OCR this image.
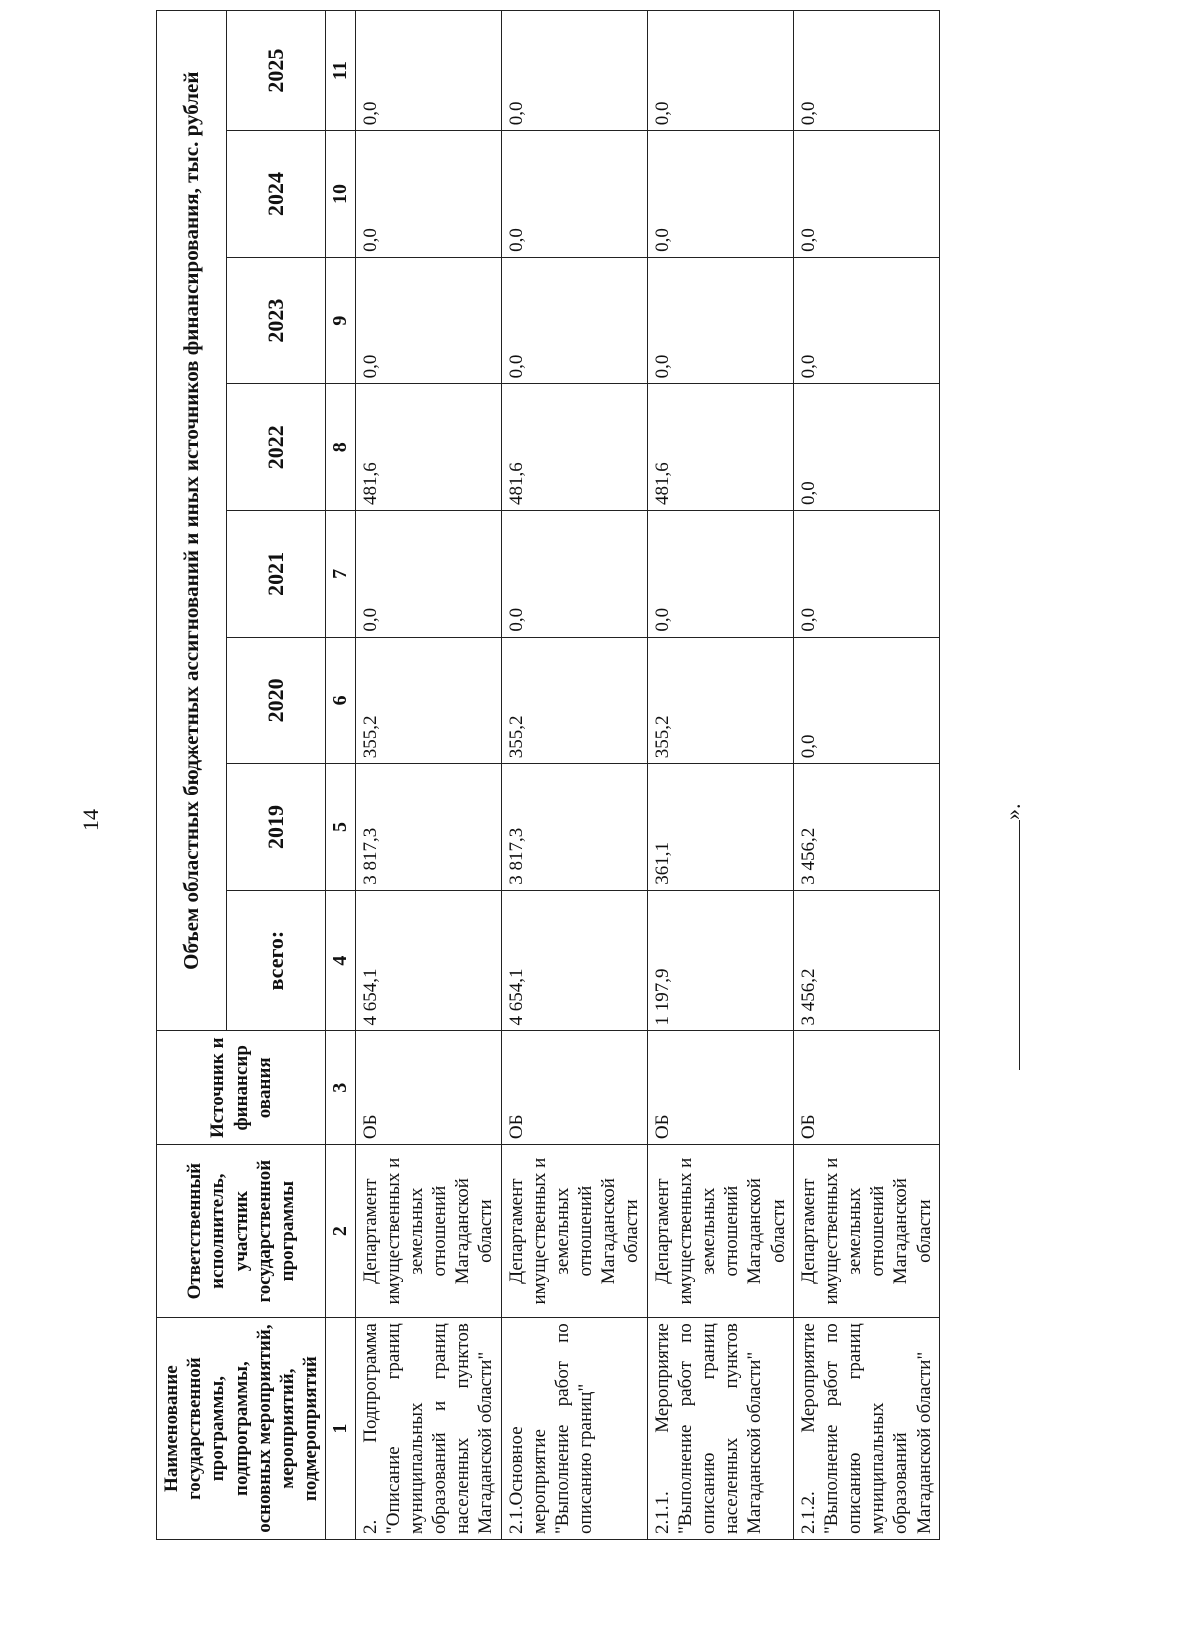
14
Наименование государственной программы, подпрограммы, основных мероприятий, мероприятий, подмероприятий	Ответственный исполнитель, участник государственной программы	Источник и финансир ования	Объем областных бюджетных ассигнований и иных источников финансирования, тыс. рублей							
			всего:	2019	2020	2021	2022	2023	2024	2025
1	2	3	4	5	6	7	8	9	10	11
2. Подпрограмма "Описание границ муниципальных образований и границ населенных пунктов Магаданской области"	Департамент имущественных и земельных отношений Магаданской области	ОБ	4 654,1	3 817,3	355,2	0,0	481,6	0,0	0,0	0,0
2.1.Основное мероприятие "Выполнение работ по описанию границ"	Департамент имущественных и земельных отношений Магаданской области	ОБ	4 654,1	3 817,3	355,2	0,0	481,6	0,0	0,0	0,0
2.1.1. Мероприятие "Выполнение работ по описанию границ населенных пунктов Магаданской области"	Департамент имущественных и земельных отношений Магаданской области	ОБ	1 197,9	361,1	355,2	0,0	481,6	0,0	0,0	0,0
2.1.2. Мероприятие "Выполнение работ по описанию границ муниципальных образований Магаданской области"	Департамент имущественных и земельных отношений Магаданской области	ОБ	3 456,2	3 456,2	0,0	0,0	0,0	0,0	0,0	0,0
».
